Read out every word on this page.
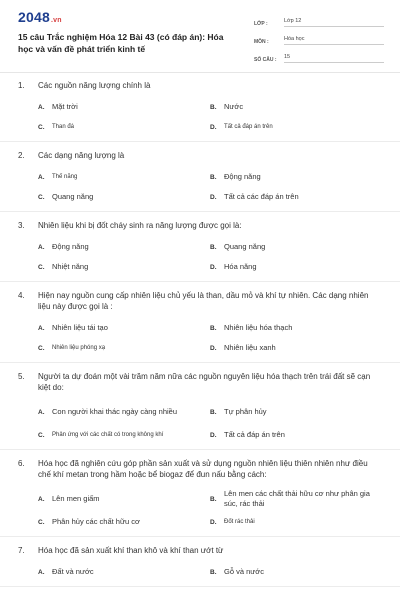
2048.vn
15 câu Trắc nghiệm Hóa 12 Bài 43 (có đáp án): Hóa học và vấn đề phát triển kinh tế
LỚP :	Lớp 12
MÔN :	Hóa học
SỐ CÂU :	15
1.	Các nguồn năng lượng chính là
A.	Mặt trời	B.	Nước
C.	Than đá	D.	Tất cả đáp án trên
2.	Các dạng năng lượng là
A.	Thế năng	B.	Động năng
C.	Quang năng	D.	Tất cả các đáp án trên
3.	Nhiên liệu khi bị đốt cháy sinh ra năng lượng được gọi là:
A.	Động năng	B.	Quang năng
C.	Nhiệt năng	D.	Hóa năng
4.	Hiện nay nguồn cung cấp nhiên liệu chủ yếu là than, dầu mỏ và khí tự nhiên. Các dạng nhiên liệu này được gọi là :
A.	Nhiên liệu tái tạo	B.	Nhiên liệu hóa thạch
C.	Nhiên liệu phóng xạ	D.	Nhiên liệu xanh
5.	Người ta dự đoán một vài trăm năm nữa các nguồn nguyên liệu hóa thạch trên trái đất sẽ cạn kiệt do:
A.	Con người khai thác ngày càng nhiều	B.	Tự phân hủy
C.	Phản ứng với các chất có trong không khí	D.	Tất cả đáp án trên
6.	Hóa học đã nghiên cứu góp phần sản xuất và sử dụng nguồn nhiên liệu thiên nhiên như điều chế khí metan trong hầm hoặc bể biogaz để đun nấu bằng cách:
A.	Lên men giấm	B.
Lên men các chất thải hữu cơ như phân gia súc, rác thải
C.	Phân hủy các chất hữu cơ	D.	Đốt rác thải
7.	Hóa học đã sản xuất khí than khô và khí than ướt từ
A.	Đất và nước	B.	Gỗ và nước
